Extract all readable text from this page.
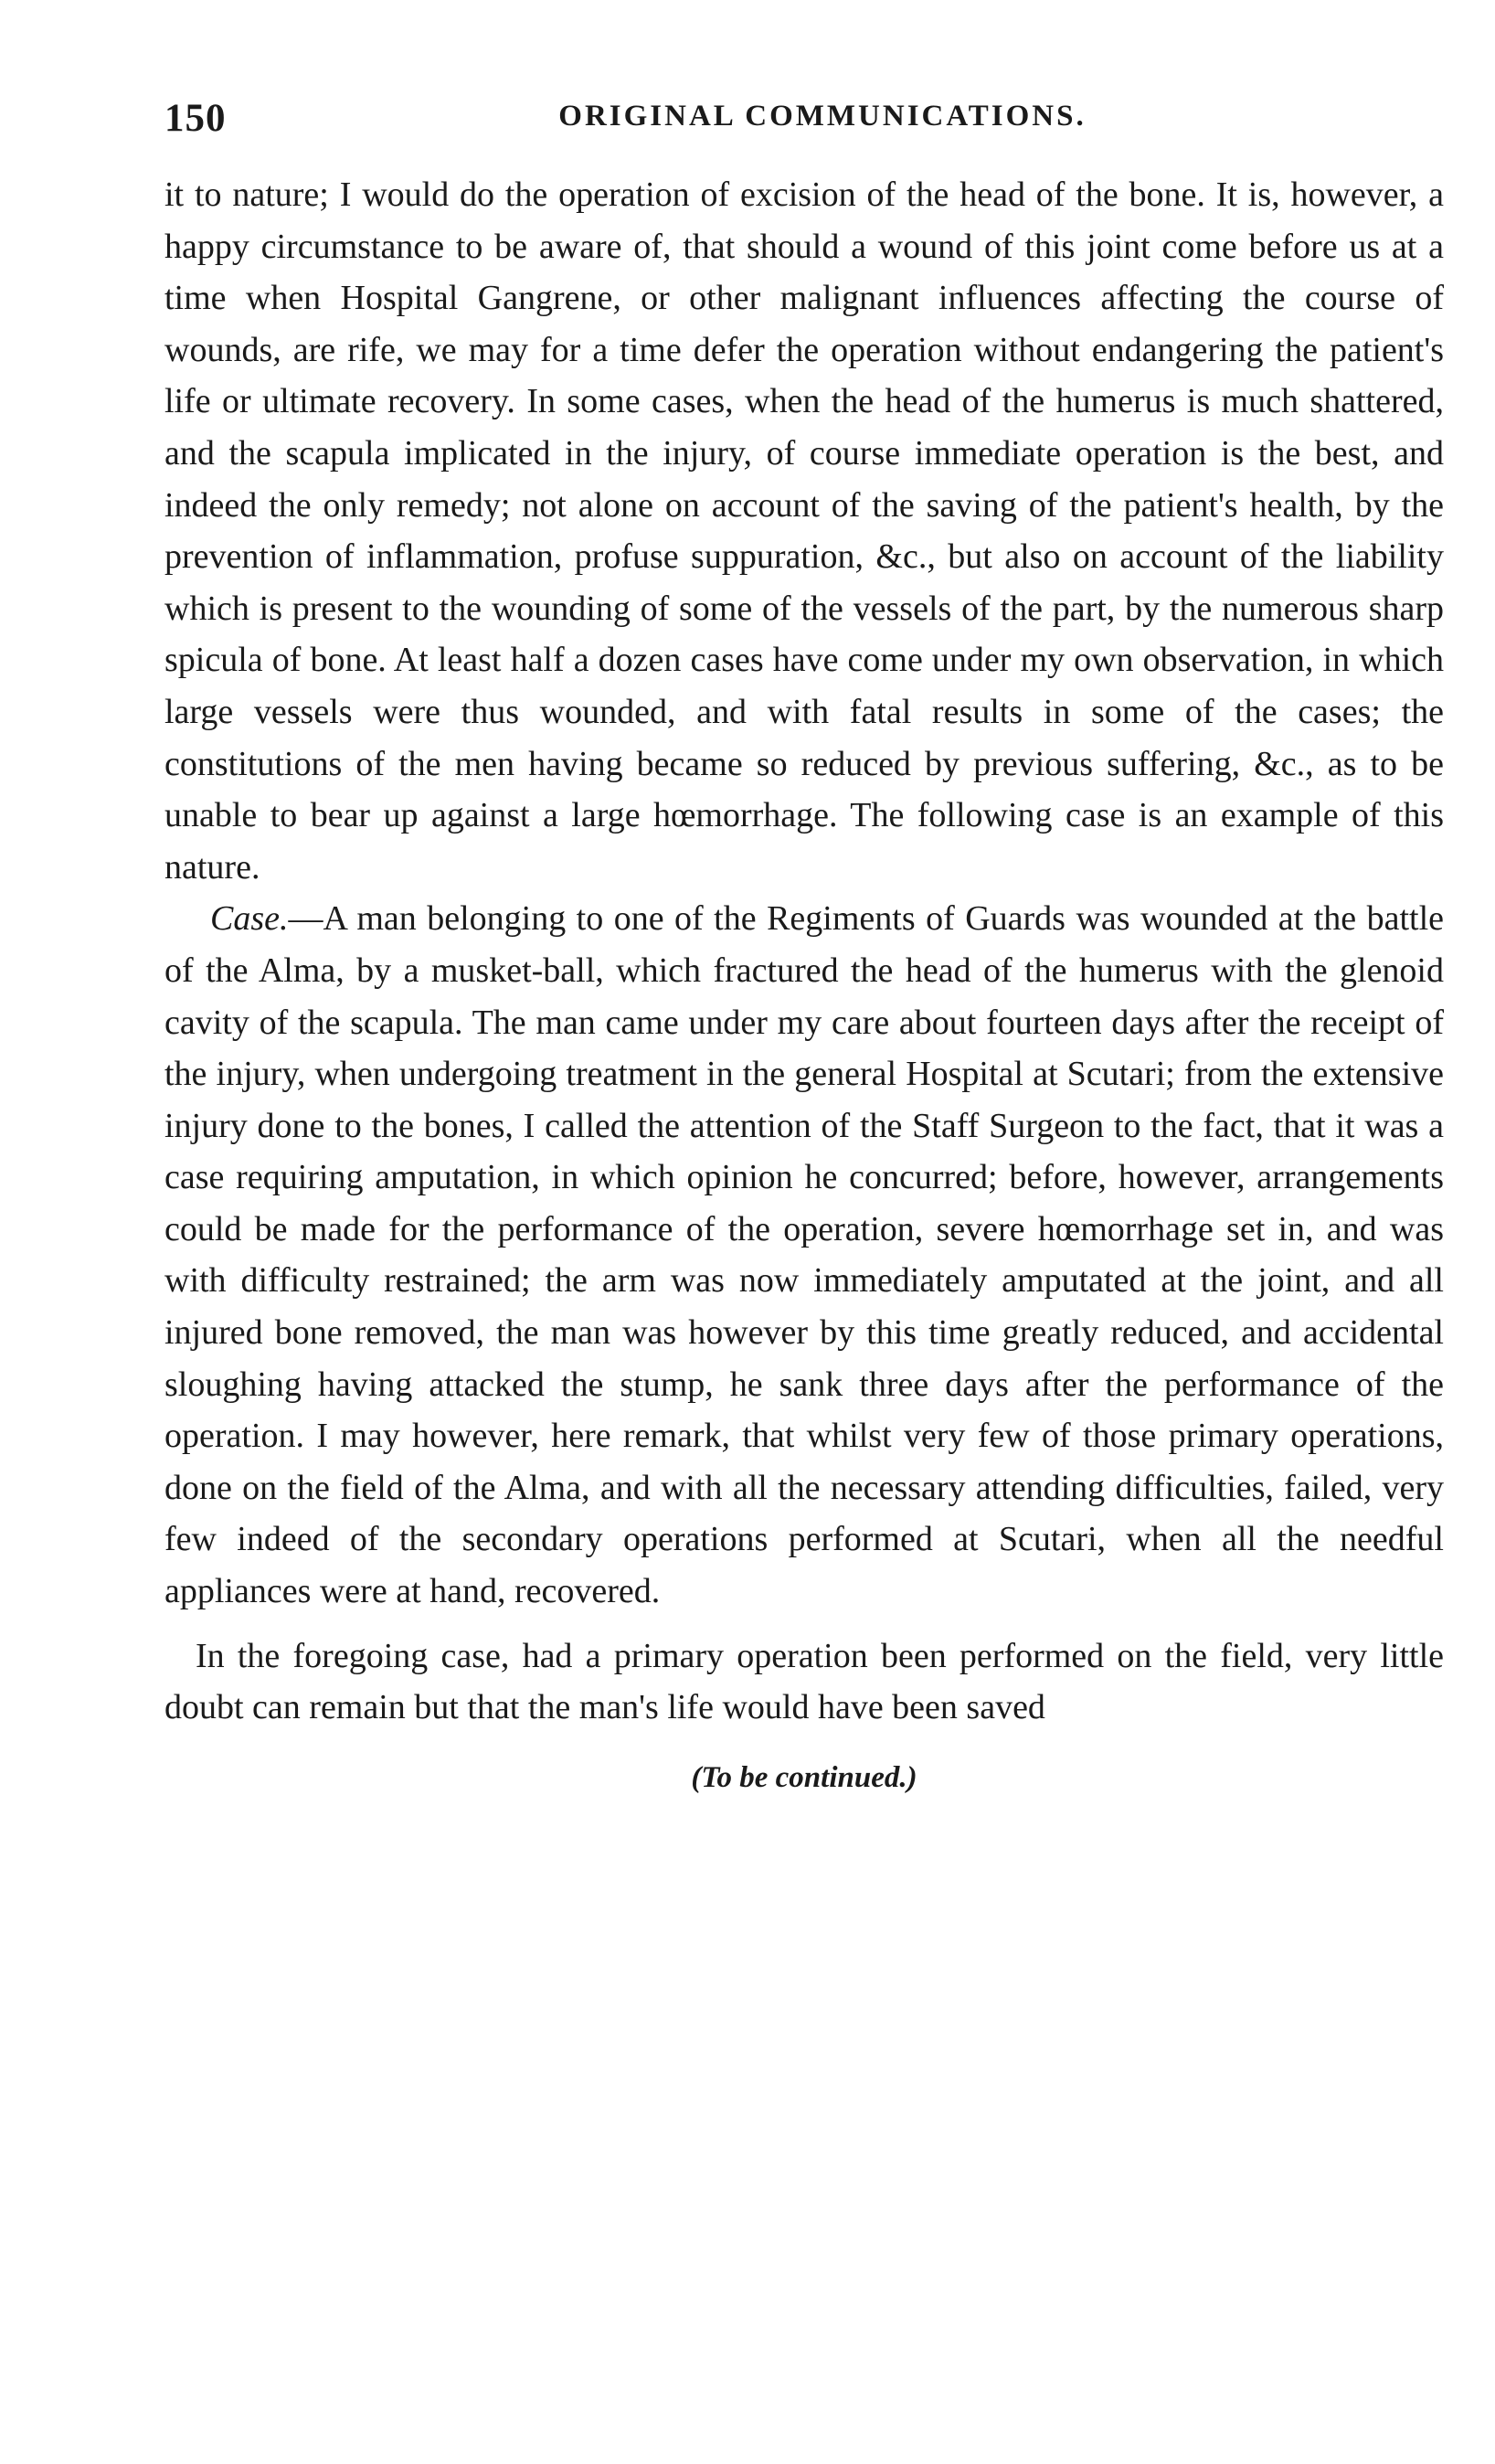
150	ORIGINAL COMMUNICATIONS.

it to nature; I would do the operation of excision of the head of the bone. It is, however, a happy circumstance to be aware of, that should a wound of this joint come before us at a time when Hospital Gangrene, or other malignant influences affecting the course of wounds, are rife, we may for a time defer the operation without endangering the patient's life or ultimate recovery. In some cases, when the head of the humerus is much shattered, and the scapula implicated in the injury, of course immediate operation is the best, and indeed the only remedy; not alone on account of the saving of the patient's health, by the prevention of inflammation, profuse suppuration, &c., but also on account of the liability which is present to the wounding of some of the vessels of the part, by the numerous sharp spicula of bone. At least half a dozen cases have come under my own observation, in which large vessels were thus wounded, and with fatal results in some of the cases; the constitutions of the men having became so reduced by previous suffering, &c., as to be unable to bear up against a large hœmorrhage. The following case is an example of this nature.

Case.—A man belonging to one of the Regiments of Guards was wounded at the battle of the Alma, by a musket-ball, which fractured the head of the humerus with the glenoid cavity of the scapula. The man came under my care about fourteen days after the receipt of the injury, when undergoing treatment in the general Hospital at Scutari; from the extensive injury done to the bones, I called the attention of the Staff Surgeon to the fact, that it was a case requiring amputation, in which opinion he concurred; before, however, arrangements could be made for the performance of the operation, severe hœmorrhage set in, and was with difficulty restrained; the arm was now immediately amputated at the joint, and all injured bone removed, the man was however by this time greatly reduced, and accidental sloughing having attacked the stump, he sank three days after the performance of the operation. I may however, here remark, that whilst very few of those primary operations, done on the field of the Alma, and with all the necessary attending difficulties, failed, very few indeed of the secondary operations performed at Scutari, when all the needful appliances were at hand, recovered.

In the foregoing case, had a primary operation been performed on the field, very little doubt can remain but that the man's life would have been saved

(To be continued.)
